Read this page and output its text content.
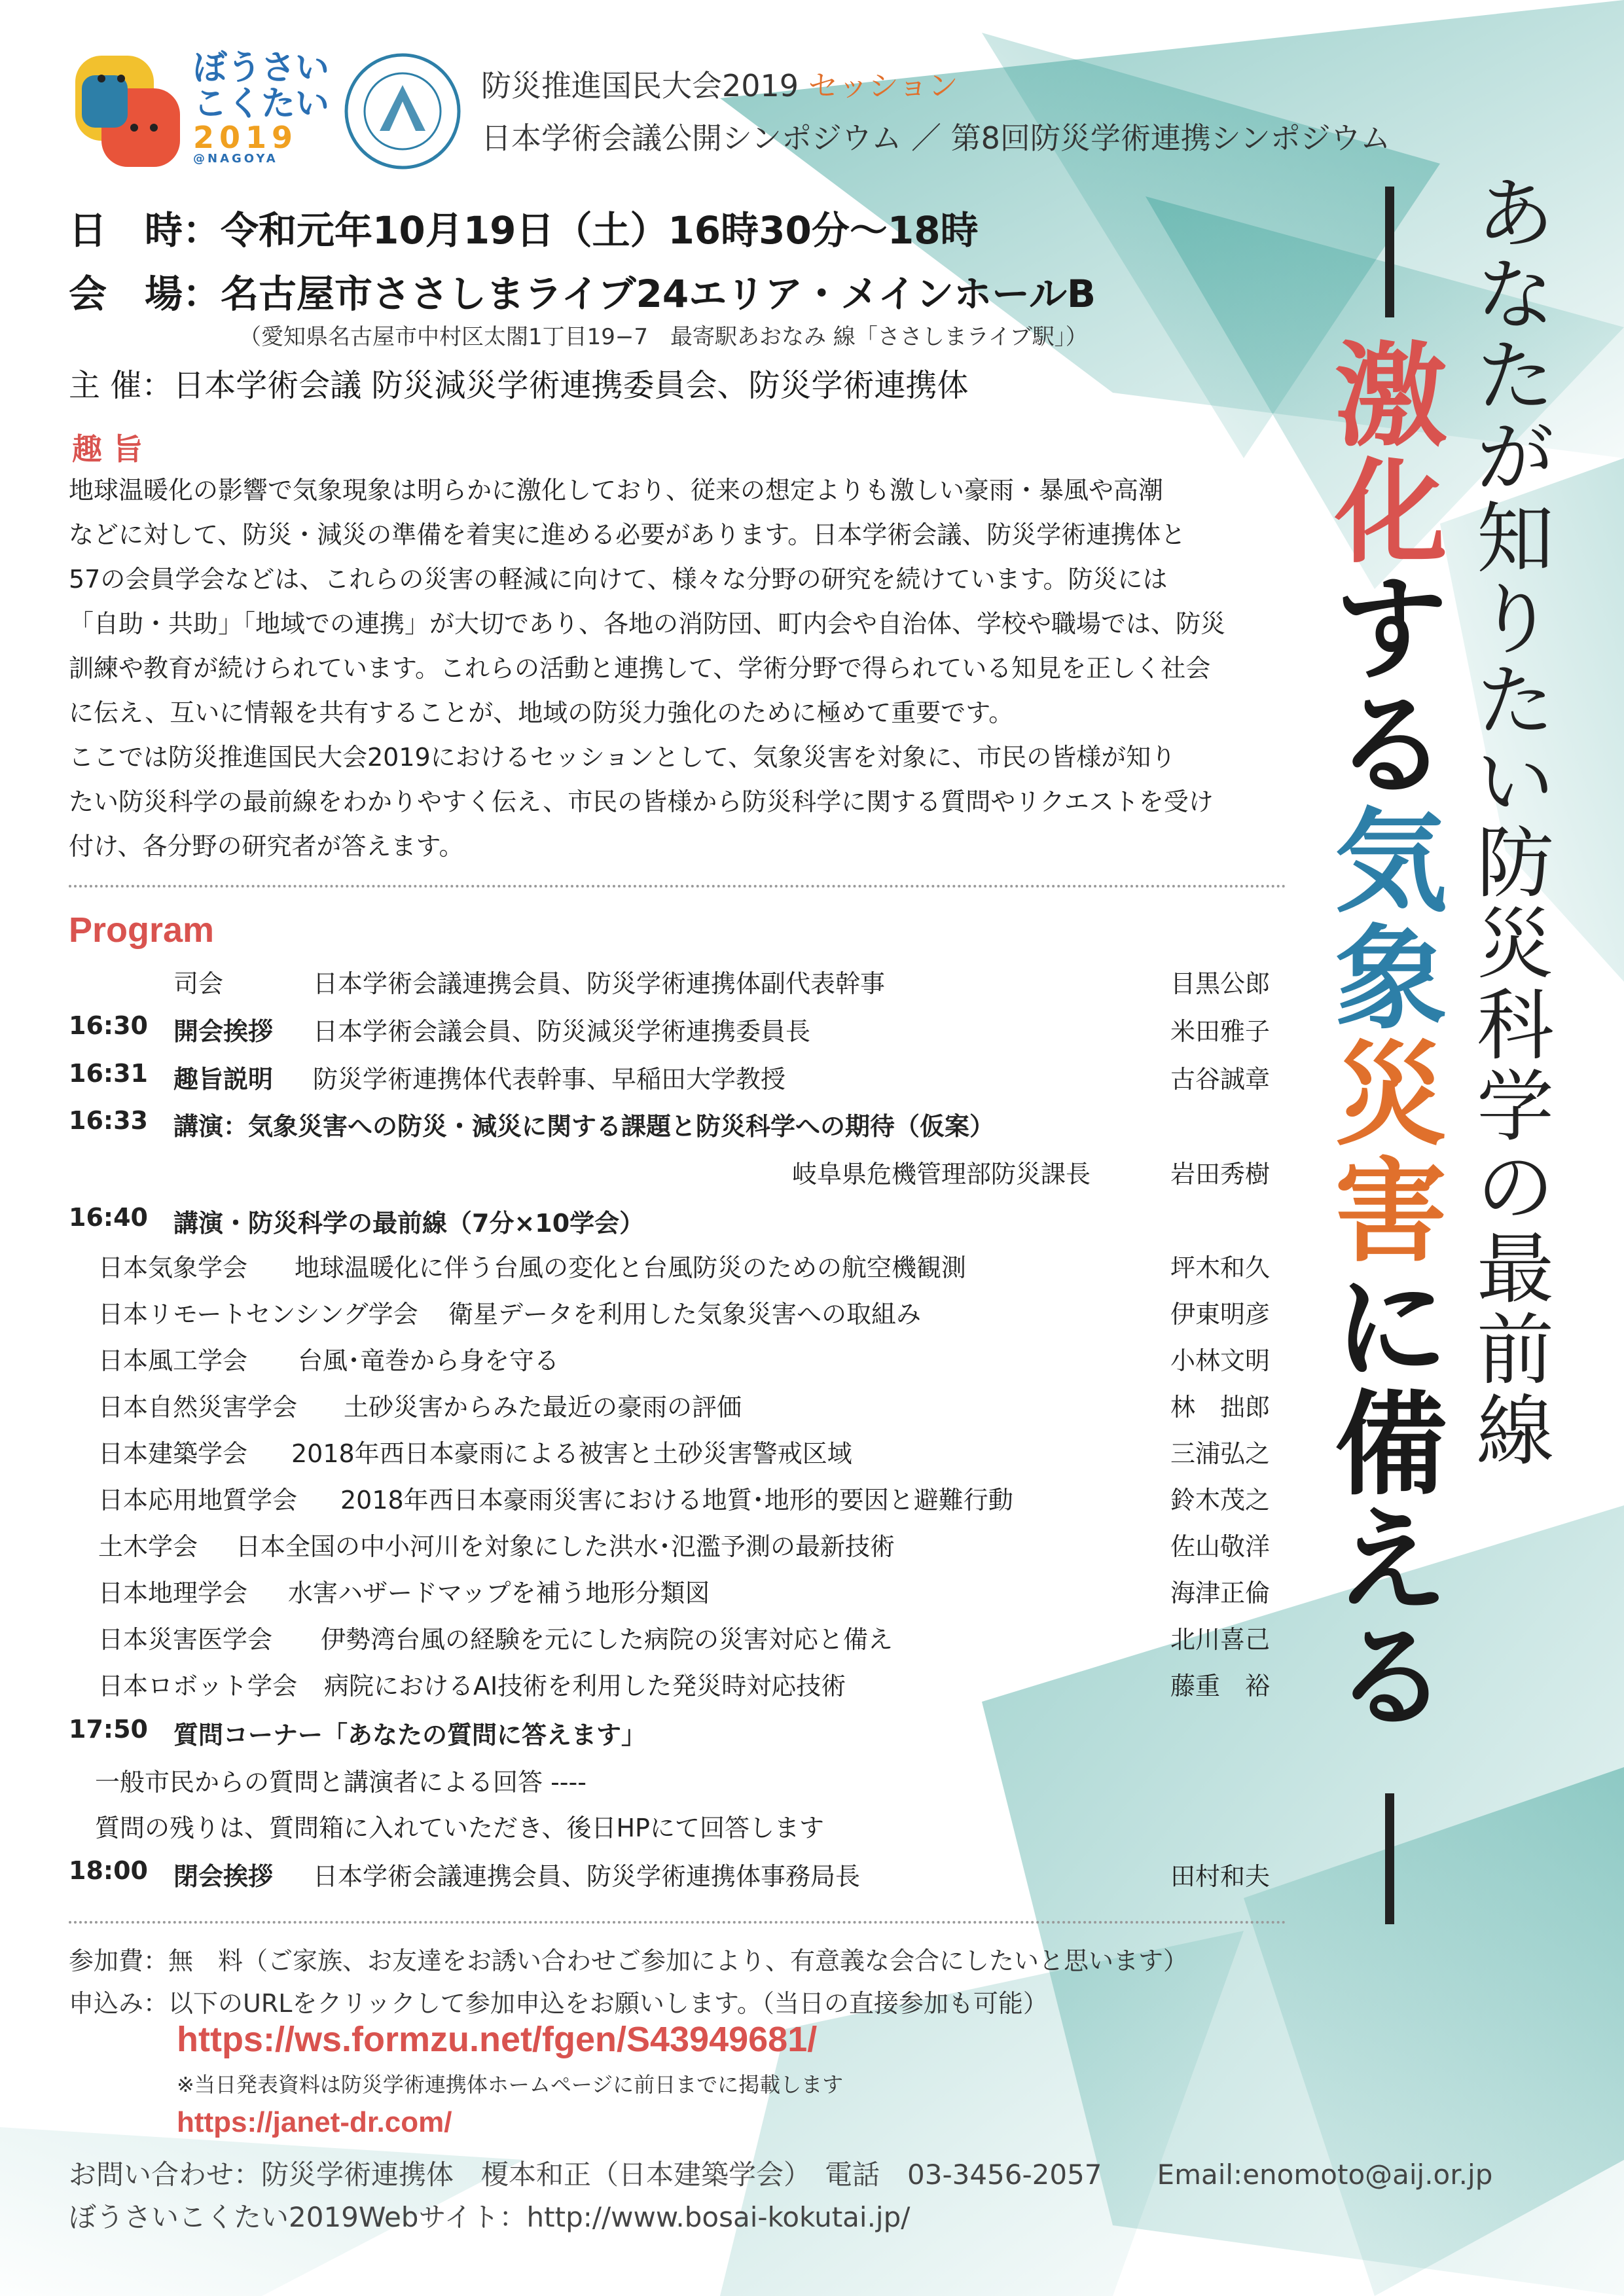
ぼうさい
こくたい
2019
@NAGOYA
防災推進国民大会2019 セッション
日本学術会議公開シンポジウム ／ 第8回防災学術連携シンポジウム
日　時：令和元年10月19日（土）16時30分～18時
会　場：名古屋市ささしまライブ24エリア・メインホールB
（愛知県名古屋市中村区太閤1丁目19−7　最寄駅あおなみ 線「ささしまライブ駅」）
主 催：日本学術会議 防災減災学術連携委員会、防災学術連携体
趣 旨

地球温暖化の影響で気象現象は明らかに激化しており、従来の想定よりも激しい豪雨・暴風や高潮

などに対して、防災・減災の準備を着実に進める必要があります。日本学術会議、防災学術連携体と

57の会員学会などは、これらの災害の軽減に向けて、様々な分野の研究を続けています。防災には

「自助・共助」「地域での連携」が大切であり、各地の消防団、町内会や自治体、学校や職場では、防災

訓練や教育が続けられています。これらの活動と連携して、学術分野で得られている知見を正しく社会

に伝え、互いに情報を共有することが、地域の防災力強化のために極めて重要です。

ここでは防災推進国民大会2019におけるセッションとして、気象災害を対象に、市民の皆様が知り

たい防災科学の最前線をわかりやすく伝え、市民の皆様から防災科学に関する質問やリクエストを受け

付け、各分野の研究者が答えます。

Program
司会	日本学術会議連携会員、防災学術連携体副代表幹事	目黒公郎
16:30 開会挨拶 日本学術会議会員、防災減災学術連携委員長	米田雅子
16:31 趣旨説明 防災学術連携体代表幹事、早稲田大学教授	古谷誠章
16:33 講演：気象災害への防災・減災に関する課題と防災科学への期待（仮案）
岐阜県危機管理部防災課長	岩田秀樹
16:40 講演・防災科学の最前線（7分×10学会）
日本気象学会 地球温暖化に伴う台風の変化と台風防災のための航空機観測	坪木和久
日本リモートセンシング学会 衛星データを利用した気象災害への取組み	伊東明彦
日本風工学会 台風･竜巻から身を守る	小林文明
日本自然災害学会 土砂災害からみた最近の豪雨の評価	林　拙郎
日本建築学会 2018年西日本豪雨による被害と土砂災害警戒区域	三浦弘之
日本応用地質学会 2018年西日本豪雨災害における地質･地形的要因と避難行動	鈴木茂之
土木学会 日本全国の中小河川を対象にした洪水･氾濫予測の最新技術	佐山敬洋
日本地理学会 水害ハザードマップを補う地形分類図	海津正倫
日本災害医学会 伊勢湾台風の経験を元にした病院の災害対応と備え	北川喜己
日本ロボット学会 病院におけるAI技術を利用した発災時対応技術	藤重　裕
17:50 質問コーナー「あなたの質問に答えます」
一般市民からの質問と講演者による回答 ----
質問の残りは、質問箱に入れていただき、後日HPにて回答します
18:00 閉会挨拶 日本学術会議連携会員、防災学術連携体事務局長	田村和夫
参加費：無　料（ご家族、お友達をお誘い合わせご参加により、有意義な会合にしたいと思います）
申込み：以下のURLをクリックして参加申込をお願いします。（当日の直接参加も可能）
https://ws.formzu.net/fgen/S43949681/
※当日発表資料は防災学術連携体ホームページに前日までに掲載します
https://janet-dr.com/
お問い合わせ：防災学術連携体　榎本和正（日本建築学会）　電話　03-3456-2057　　Email:enomoto@aij.or.jp
ぼうさいこくたい2019Webサイト：http://www.bosai-kokutai.jp/
あ
な
た
が
知
り
た
い
防
災
科
学
の
最
前
線
激
化
す
る
気
象
災
害
に
備
え
る
